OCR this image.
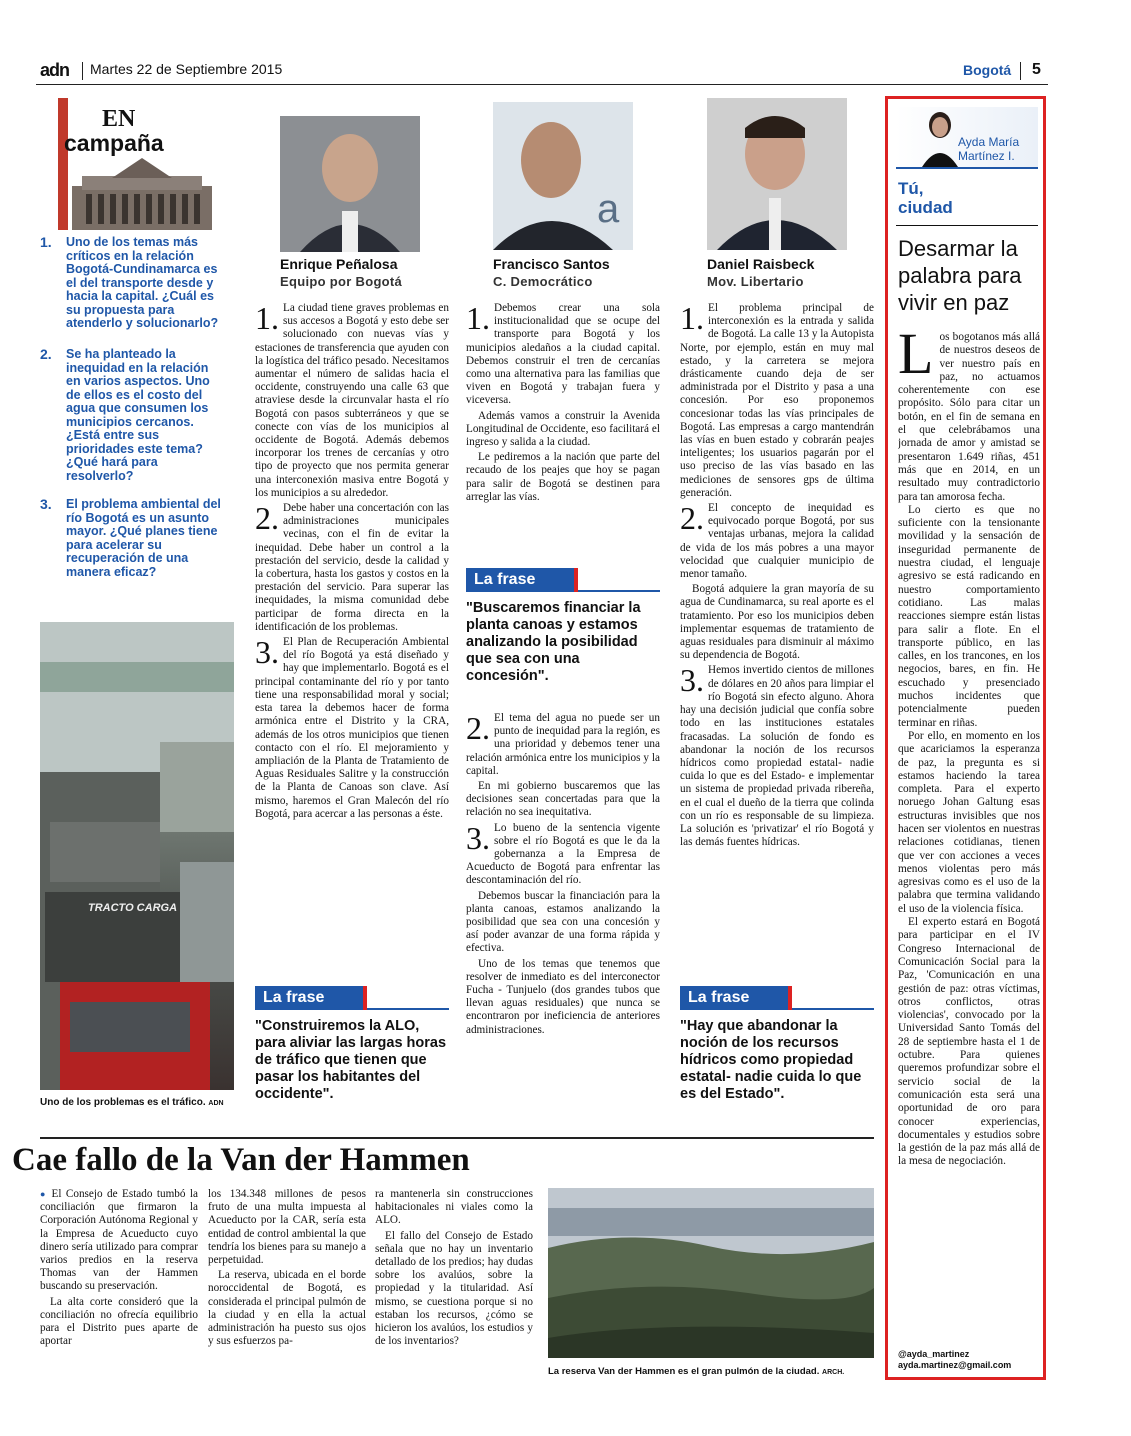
adn Martes 22 de Septiembre 2015	Bogotá 5
EN
campaña
1. Uno de los temas más críticos en la relación Bogotá-Cundinamarca es el del transporte desde y hacia la capital. ¿Cuál es su propuesta para atenderlo y solucionarlo?
2. Se ha planteado la inequidad en la relación en varios aspectos. Uno de ellos es el costo del agua que consumen los municipios cercanos. ¿Está entre sus prioridades este tema? ¿Qué hará para resolverlo?
3. El problema ambiental del río Bogotá es un asunto mayor. ¿Qué planes tiene para acelerar su recuperación de una manera eficaz?
TRACTO CARGA
Uno de los problemas es el tráfico. ADN
a
Enrique Peñalosa
Equipo por Bogotá
Francisco Santos
C. Democrático
Daniel Raisbeck
Mov. Libertario

1. La ciudad tiene graves problemas en sus accesos a Bogotá y esto debe ser solucionado con nuevas vías y estaciones de transferencia que ayuden con la logística del tráfico pesado. Necesitamos aumentar el número de salidas hacia el occidente, construyendo una calle 63 que atraviese desde la circunvalar hasta el río Bogotá con pasos subterráneos y que se conecte con vías de los municipios al occidente de Bogotá. Además debemos incorporar los trenes de cercanías y otro tipo de proyecto que nos permita generar una interconexión masiva entre Bogotá y los municipios a su alrededor.

2. Debe haber una concertación con las administraciones municipales vecinas, con el fin de evitar la inequidad. Debe haber un control a la prestación del servicio, desde la calidad y la cobertura, hasta los gastos y costos en la prestación del servicio. Para superar las inequidades, la misma comunidad debe participar de forma directa en la identificación de los problemas.

3. El Plan de Recuperación Ambiental del río Bogotá ya está diseñado y hay que implementarlo. Bogotá es el principal contaminante del río y por tanto tiene una responsabilidad moral y social; esta tarea la debemos hacer de forma armónica entre el Distrito y la CRA, además de los otros municipios que tienen contacto con el río. El mejoramiento y ampliación de la Planta de Tratamiento de Aguas Residuales Salitre y la construcción de la Planta de Canoas son clave. Así mismo, haremos el Gran Malecón del río Bogotá, para acercar a las personas a éste.

La frase
"Construiremos la ALO, para aliviar las largas horas de tráfico que tienen que pasar los habitantes del occidente".

1. Debemos crear una sola institucionalidad que se ocupe del transporte para Bogotá y los municipios aledaños a la ciudad capital. Debemos construir el tren de cercanías como una alternativa para las familias que viven en Bogotá y trabajan fuera y viceversa.

Además vamos a construir la Avenida Longitudinal de Occidente, eso facilitará el ingreso y salida a la ciudad.

Le pediremos a la nación que parte del recaudo de los peajes que hoy se pagan para salir de Bogotá se destinen para arreglar las vías.

La frase
"Buscaremos financiar la planta canoas y estamos analizando la posibilidad que sea con una concesión".

2. El tema del agua no puede ser un punto de inequidad para la región, es una prioridad y debemos tener una relación armónica entre los municipios y la capital.

En mi gobierno buscaremos que las decisiones sean concertadas para que la relación no sea inequitativa.

3. Lo bueno de la sentencia vigente sobre el río Bogotá es que le da la gobernanza a la Empresa de Acueducto de Bogotá para enfrentar las descontaminación del río.

Debemos buscar la financiación para la planta canoas, estamos analizando la posibilidad que sea con una concesión y así poder avanzar de una forma rápida y efectiva.

Uno de los temas que tenemos que resolver de inmediato es del interconector Fucha - Tunjuelo (dos grandes tubos que llevan aguas residuales) que nunca se encontraron por ineficiencia de anteriores administraciones.

1. El problema principal de interconexión es la entrada y salida de Bogotá. La calle 13 y la Autopista Norte, por ejemplo, están en muy mal estado, y la carretera se mejora drásticamente cuando deja de ser administrada por el Distrito y pasa a una concesión. Por eso proponemos concesionar todas las vías principales de Bogotá. Las empresas a cargo mantendrán las vías en buen estado y cobrarán peajes inteligentes; los usuarios pagarán por el uso preciso de las vías basado en las mediciones de sensores gps de última generación.

2. El concepto de inequidad es equivocado porque Bogotá, por sus ventajas urbanas, mejora la calidad de vida de los más pobres a una mayor velocidad que cualquier municipio de menor tamaño.

Bogotá adquiere la gran mayoría de su agua de Cundinamarca, su real aporte es el tratamiento. Por eso los municipios deben implementar esquemas de tratamiento de aguas residuales para disminuir al máximo su dependencia de Bogotá.

3. Hemos invertido cientos de millones de dólares en 20 años para limpiar el río Bogotá sin efecto alguno. Ahora hay una decisión judicial que confía sobre todo en las instituciones estatales fracasadas. La solución de fondo es abandonar la noción de los recursos hídricos como propiedad estatal- nadie cuida lo que es del Estado- e implementar un sistema de propiedad privada ribereña, en el cual el dueño de la tierra que colinda con un río es responsable de su limpieza. La solución es 'privatizar' el río Bogotá y las demás fuentes hídricas.

La frase
"Hay que abandonar la noción de los recursos hídricos como propiedad estatal- nadie cuida lo que es del Estado".
Ayda María
Martínez I.
Tú,
ciudad
Desarmar la palabra para vivir en paz

Los bogotanos más allá de nuestros deseos de ver nuestro país en paz, no actuamos coherentemente con ese propósito. Sólo para citar un botón, en el fin de semana en el que celebrábamos una jornada de amor y amistad se presentaron 1.649 riñas, 451 más que en 2014, en un resultado muy contradictorio para tan amorosa fecha.

Lo cierto es que no suficiente con la tensionante movilidad y la sensación de inseguridad permanente de nuestra ciudad, el lenguaje agresivo se está radicando en nuestro comportamiento cotidiano. Las malas reacciones siempre están listas para salir a flote. En el transporte público, en las calles, en los trancones, en los negocios, bares, en fin. He escuchado y presenciado muchos incidentes que potencialmente pueden terminar en riñas.

Por ello, en momento en los que acariciamos la esperanza de paz, la pregunta es si estamos haciendo la tarea completa. Para el experto noruego Johan Galtung esas estructuras invisibles que nos hacen ser violentos en nuestras relaciones cotidianas, tienen que ver con acciones a veces menos violentas pero más agresivas como es el uso de la palabra que termina validando el uso de la violencia física.

El experto estará en Bogotá para participar en el IV Congreso Internacional de Comunicación Social para la Paz, 'Comunicación en una gestión de paz: otras víctimas, otros conflictos, otras violencias', convocado por la Universidad Santo Tomás del 28 de septiembre hasta el 1 de octubre. Para quienes queremos profundizar sobre el servicio social de la comunicación esta será una oportunidad de oro para conocer experiencias, documentales y estudios sobre la gestión de la paz más allá de la mesa de negociación.

@ayda_martinez
ayda.martinez@gmail.com
Cae fallo de la Van der Hammen

● El Consejo de Estado tumbó la conciliación que firmaron la Corporación Autónoma Regional y la Empresa de Acueducto cuyo dinero sería utilizado para comprar varios predios en la reserva Thomas van der Hammen buscando su preservación.

La alta corte consideró que la conciliación no ofrecía equilibrio para el Distrito pues aparte de aportar

los 134.348 millones de pesos fruto de una multa impuesta al Acueducto por la CAR, sería esta entidad de control ambiental la que tendría los bienes para su manejo a perpetuidad.

La reserva, ubicada en el borde noroccidental de Bogotá, es considerada el principal pulmón de la ciudad y en ella la actual administración ha puesto sus ojos y sus esfuerzos pa-

ra mantenerla sin construcciones habitacionales ni viales como la ALO.

El fallo del Consejo de Estado señala que no hay un inventario detallado de los predios; hay dudas sobre los avalúos, sobre la propiedad y la titularidad. Así mismo, se cuestiona porque si no estaban los recursos, ¿cómo se hicieron los avalúos, los estudios y de los inventarios?

La reserva Van der Hammen es el gran pulmón de la ciudad. ARCH.
